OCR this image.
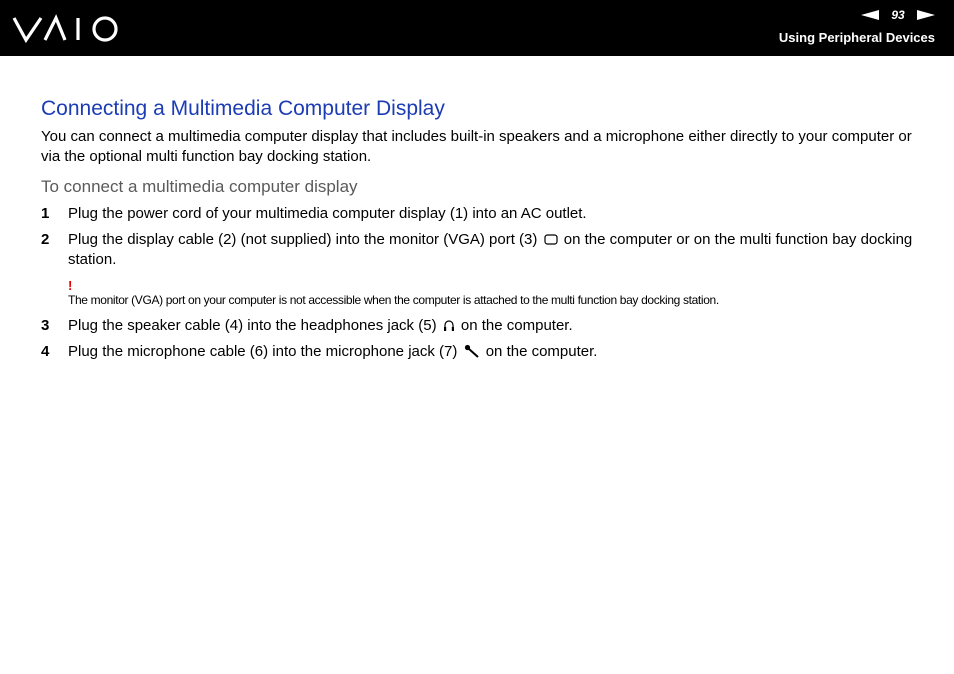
93
Using Peripheral Devices
Connecting a Multimedia Computer Display

You can connect a multimedia computer display that includes built-in speakers and a microphone either directly to your computer or via the optional multi function bay docking station.

To connect a multimedia computer display
1	Plug the power cord of your multimedia computer display (1) into an AC outlet.
2	Plug the display cable (2) (not supplied) into the monitor (VGA) port (3) on the computer or on the multi function bay docking station.
!
The monitor (VGA) port on your computer is not accessible when the computer is attached to the multi function bay docking station.
3	Plug the speaker cable (4) into the headphones jack (5) on the computer.
4	Plug the microphone cable (6) into the microphone jack (7) on the computer.
